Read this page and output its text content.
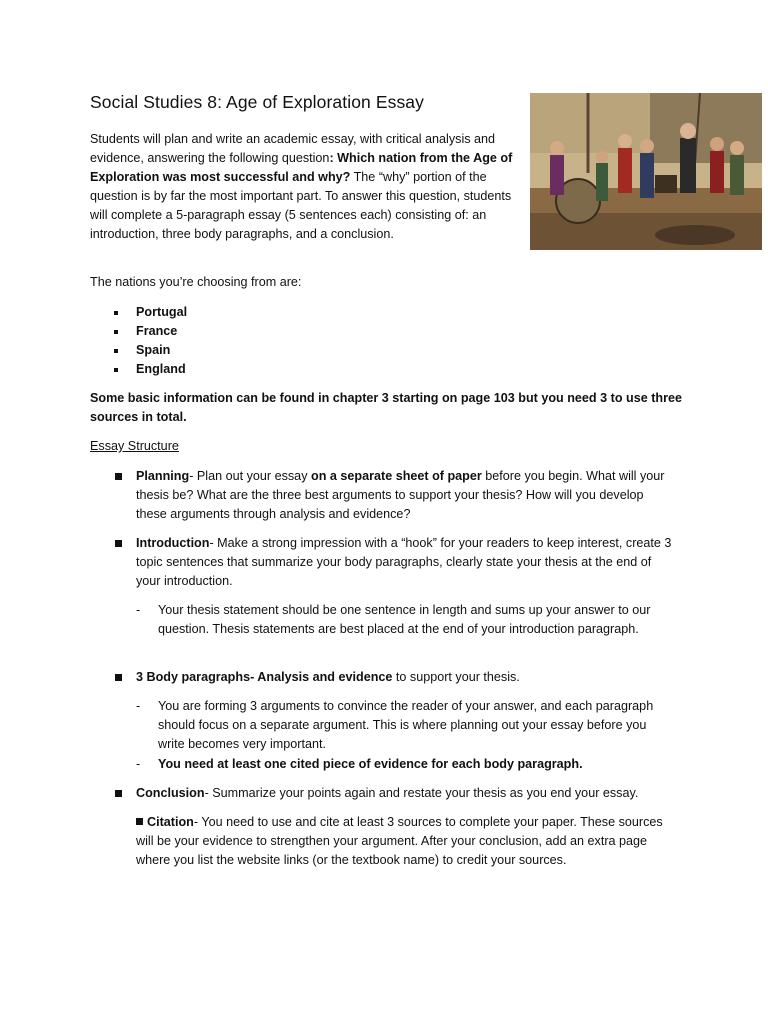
Social Studies 8: Age of Exploration Essay

Students will plan and write an academic essay, with critical analysis and evidence, answering the following question: Which nation from the Age of Exploration was most successful and why? The “why” portion of the question is by far the most important part. To answer this question, students will complete a 5-paragraph essay (5 sentences each) consisting of: an introduction, three body paragraphs, and a conclusion.

The nations you’re choosing from are:

Portugal
France
Spain
England

Some basic information can be found in chapter 3 starting on page 103 but you need 3 to use three sources in total.

Essay Structure

Planning- Plan out your essay on a separate sheet of paper before you begin. What will your thesis be? What are the three best arguments to support your thesis? How will you develop these arguments through analysis and evidence?

Introduction- Make a strong impression with a “hook” for your readers to keep interest, create 3 topic sentences that summarize your body paragraphs, clearly state your thesis at the end of your introduction.

- Your thesis statement should be one sentence in length and sums up your answer to our question. Thesis statements are best placed at the end of your introduction paragraph.

3 Body paragraphs- Analysis and evidence to support your thesis.

- You are forming 3 arguments to convince the reader of your answer, and each paragraph should focus on a separate argument. This is where planning out your essay before you write becomes very important.

- You need at least one cited piece of evidence for each body paragraph.

Conclusion- Summarize your points again and restate your thesis as you end your essay.

Citation- You need to use and cite at least 3 sources to complete your paper. These sources will be your evidence to strengthen your argument. After your conclusion, add an extra page where you list the website links (or the textbook name) to credit your sources.
